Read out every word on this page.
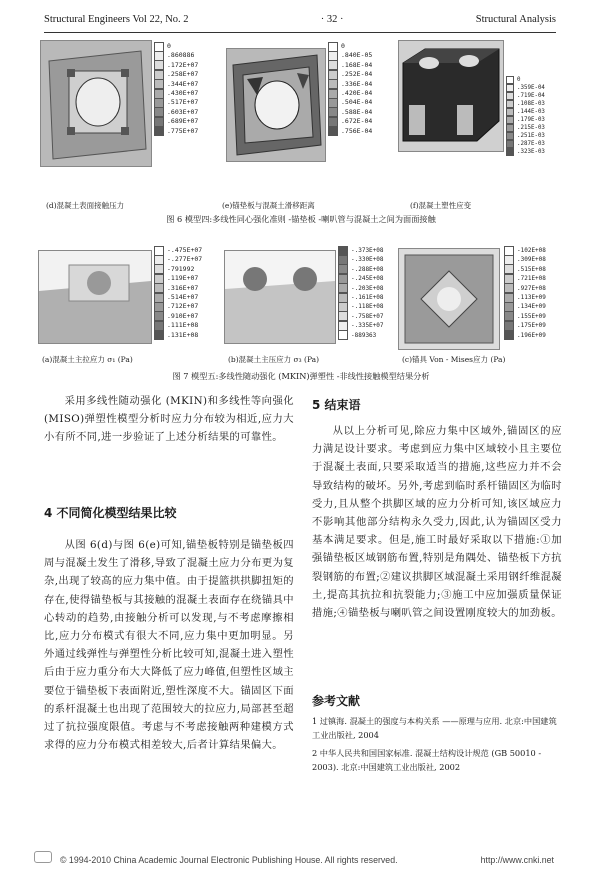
Structural Engineers Vol 22, No. 2	· 32 ·	Structural Analysis
0
.860886
.172E+07
.258E+07
.344E+07
.430E+07
.517E+07
.603E+07
.689E+07
.775E+07
(d)混凝土表面接触压力
0
.840E-05
.168E-04
.252E-04
.336E-04
.420E-04
.504E-04
.588E-04
.672E-04
.756E-04
(e)锚垫板与混凝土滑移距离
0
.359E-04
.719E-04
.108E-03
.144E-03
.179E-03
.215E-03
.251E-03
.287E-03
.323E-03
(f)混凝土塑性应变
图 6 模型四:多线性同心强化准则 -锚垫板 -喇叭管与混凝土之间为面面接触
-.475E+07
-.277E+07
-791992
.119E+07
.316E+07
.514E+07
.712E+07
.910E+07
.111E+08
.131E+08
(a)混凝土主拉应力 σ₁ (Pa)
-.373E+08
-.330E+08
-.288E+08
-.245E+08
-.203E+08
-.161E+08
-.118E+08
-.758E+07
-.335E+07
-889363
(b)混凝土主压应力 σ₃ (Pa)
-102E+08
.309E+08
.515E+08
.721E+08
.927E+08
.113E+09
.134E+09
.155E+09
.175E+09
.196E+09
(c)锚具 Von - Mises应力 (Pa)
图 7 模型五:多线性随动强化 (MKIN)弹塑性 -非线性接触模型结果分析

采用多线性随动强化 (MKIN)和多线性等向强化 (MISO)弹塑性模型分析时应力分布较为相近,应力大小有所不同,进一步验证了上述分析结果的可靠性。

4 不同简化模型结果比较

从图 6(d)与图 6(e)可知,锚垫板特别是锚垫板四周与混凝土发生了滑移,导致了混凝土应力分布更为复杂,出现了较高的应力集中值。由于提篮拱拱脚扭矩的存在,使得锚垫板与其接触的混凝土表面存在绕锚具中心转动的趋势,由接触分析可以发现,与不考虑摩擦相比,应力分布模式有很大不同,应力集中更加明显。另外通过线弹性与弹塑性分析比较可知,混凝土进入塑性后由于应力重分布大大降低了应力峰值,但塑性区域主要位于锚垫板下表面附近,塑性深度不大。锚固区下面的系杆混凝土也出现了范围较大的拉应力,局部甚至超过了抗拉强度限值。考虑与不考虑接触两种建模方式求得的应力分布模式相差较大,后者计算结果偏大。

5 结束语

从以上分析可见,除应力集中区域外,锚固区的应力满足设计要求。考虑到应力集中区域较小且主要位于混凝土表面,只要采取适当的措施,这些应力并不会导致结构的破坏。另外,考虑到临时系杆锚固区为临时受力,且从整个拱脚区域的应力分析可知,该区域应力不影响其他部分结构永久受力,因此,认为锚固区受力基本满足要求。但是,施工时最好采取以下措施:①加强锚垫板区域钢筋布置,特别是角隅处、锚垫板下方抗裂钢筋的布置;②建议拱脚区域混凝土采用钢纤维混凝土,提高其抗拉和抗裂能力;③施工中应加强质量保证措施;④锚垫板与喇叭管之间设置刚度较大的加劲板。

参考文献
1 过镇海. 混凝土的强度与本构关系 ——原理与应用. 北京:中国建筑工业出版社, 2004
2 中华人民共和国国家标准. 混凝土结构设计规范 (GB 50010 - 2003). 北京:中国建筑工业出版社, 2002
© 1994-2010 China Academic Journal Electronic Publishing House. All rights reserved.	http://www.cnki.net
